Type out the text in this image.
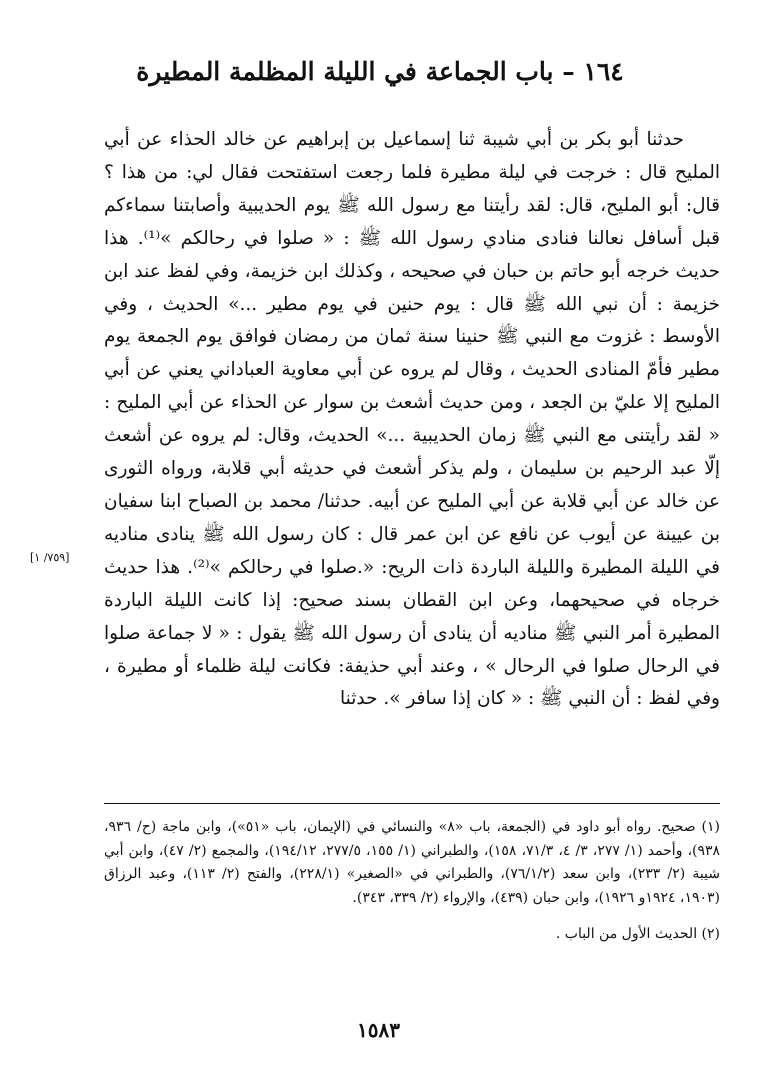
١٦٤ – باب الجماعة في الليلة المظلمة المطيرة

حدثنا أبو بكر بن أبي شيبة ثنا إسماعيل بن إبراهيم عن خالد الحذاء عن أبي المليح قال : خرجت في ليلة مطيرة فلما رجعت استفتحت فقال لي: من هذا ؟ قال: أبو المليح، قال: لقد رأيتنا مع رسول الله ﷺ يوم الحديبية وأصابتنا سماءكم قبل أسافل نعالنا فنادى منادي رسول الله ﷺ : « صلوا في رحالكم »⁽¹⁾. هذا حديث خرجه أبو حاتم بن حبان في صحيحه ، وكذلك ابن خزيمة، وفي لفظ عند ابن خزيمة : أن نبي الله ﷺ قال : يوم حنين في يوم مطير ...» الحديث ، وفي الأوسط : غزوت مع النبي ﷺ حنينا سنة ثمان من رمضان فوافق يوم الجمعة يوم مطير فأمّ المنادى الحديث ، وقال لم يروه عن أبي معاوية العباداني يعني عن أبي المليح إلا عليّ بن الجعد ، ومن حديث أشعث بن سوار عن الحذاء عن أبي المليح : « لقد رأيتنى مع النبي ﷺ زمان الحديبية ...» الحديث، وقال: لم يروه عن أشعث إلّا عبد الرحيم بن سليمان ، ولم يذكر أشعث في حديثه أبي قلابة، ورواه الثورى عن خالد عن أبي قلابة عن أبي المليح عن أبيه. حدثنا/ محمد بن الصباح ابنا سفيان بن عيينة عن أيوب عن نافع عن ابن عمر قال : كان رسول الله ﷺ ينادى مناديه في الليلة المطيرة والليلة الباردة ذات الريح: «.صلوا في رحالكم »⁽²⁾. هذا حديث خرجاه في صحيحهما، وعن ابن القطان بسند صحيح: إذا كانت الليلة الباردة المطيرة أمر النبي ﷺ مناديه أن ينادى أن رسول الله ﷺ يقول : « لا جماعة صلوا في الرحال صلوا في الرحال » ، وعند أبي حذيفة: فكانت ليلة ظلماء أو مطيرة ، وفي لفظ : أن النبي ﷺ : « كان إذا سافر ». حدثنا

[٧٥٩/ ١]

(١) صحيح. رواه أبو داود في (الجمعة، باب «٨» والنسائي في (الإيمان، باب «٥١»)، وابن ماجة (ح/ ٩٣٦، ٩٣٨)، وأحمد (١/ ٢٧٧، ٣/ ٤، ٧١/٣، ١٥٨)، والطبراني (١/ ١٥٥، ٢٧٧/٥، ١٩٤/١٢)، والمجمع (٢/ ٤٧)، وابن أبي شيبة (٢/ ٢٣٣)، وابن سعد (٧٦/١/٢)، والطبراني في «الصغير» (٢٢٨/١)، والفتح (٢/ ١١٣)، وعبد الرزاق (١٩٠٣، ١٩٢٤و ١٩٢٦)، وابن حبان (٤٣٩)، والإرواء (٢/ ٣٣٩، ٣٤٣).

(٢) الحديث الأول من الباب .

١٥٨٣
